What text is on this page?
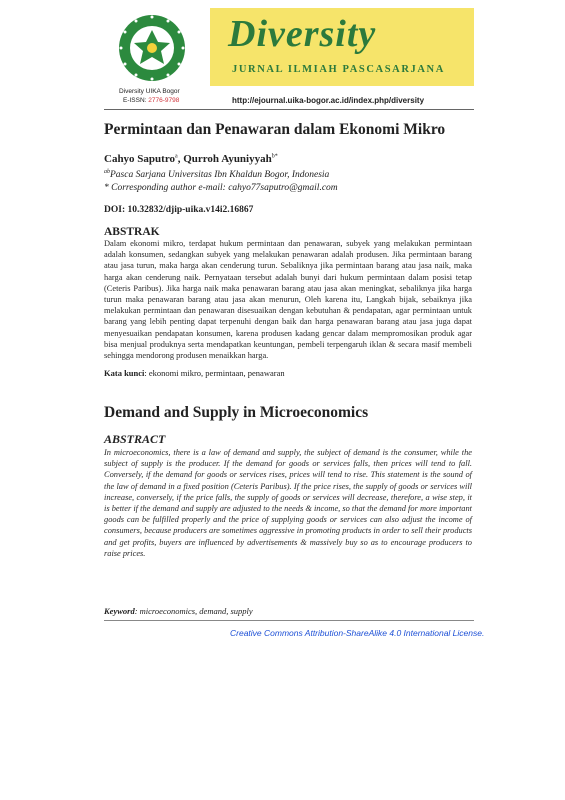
Diversity
JURNAL ILMIAH PASCASARJANA
Diversity UIKA Bogor
E-ISSN: 2776-9798	http://ejournal.uika-bogor.ac.id/index.php/diversity
Permintaan dan Penawaran dalam Ekonomi Mikro
Cahyo Saputro$^a$, Qurroh Ayuniyyah$^{b*}$
$^{ab}$Pasca Sarjana Universitas Ibn Khaldun Bogor, Indonesia
* Corresponding author e-mail: cahyo77saputro@gmail.com
DOI: 10.32832/djip-uika.v14i2.16867
ABSTRAK
Dalam ekonomi mikro, terdapat hukum permintaan dan penawaran, subyek yang melakukan permintaan adalah konsumen, sedangkan subyek yang melakukan penawaran adalah produsen. Jika permintaan barang atau jasa turun, maka harga akan cenderung turun. Sebaliknya jika permintaan barang atau jasa naik, maka harga akan cenderung naik. Pernyataan tersebut adalah bunyi dari hukum permintaan dalam posisi tetap (Ceteris Paribus). Jika harga naik maka penawaran barang atau jasa akan meningkat, sebaliknya jika harga turun maka penawaran barang atau jasa akan menurun, Oleh karena itu, Langkah bijak, sebaiknya jika melakukan permintaan dan penawaran disesuaikan dengan kebutuhan & pendapatan, agar permintaan untuk barang yang lebih penting dapat terpenuhi dengan baik dan harga penawaran barang atau jasa juga dapat menyesuaikan pendapatan konsumen, karena produsen kadang gencar dalam mempromosikan produk agar bisa menjual produknya serta mendapatkan keuntungan, pembeli terpengaruh iklan & secara masif membeli sehingga mendorong produsen menaikkan harga.
Kata kunci: ekonomi mikro, permintaan, penawaran
Demand and Supply in Microeconomics
ABSTRACT
In microeconomics, there is a law of demand and supply, the subject of demand is the consumer, while the subject of supply is the producer. If the demand for goods or services falls, then prices will tend to fall. Conversely, if the demand for goods or services rises, prices will tend to rise. This statement is the sound of the law of demand in a fixed position (Ceteris Paribus). If the price rises, the supply of goods or services will increase, conversely, if the price falls, the supply of goods or services will decrease, therefore, a wise step, it is better if the demand and supply are adjusted to the needs & income, so that the demand for more important goods can be fulfilled properly and the price of supplying goods or services can also adjust the income of consumers, because producers are sometimes aggressive in promoting products in order to sell their products and get profits, buyers are influenced by advertisements & massively buy so as to encourage producers to raise prices.
Keyword: microeconomics, demand, supply
Creative Commons Attribution-ShareAlike 4.0 International License.
